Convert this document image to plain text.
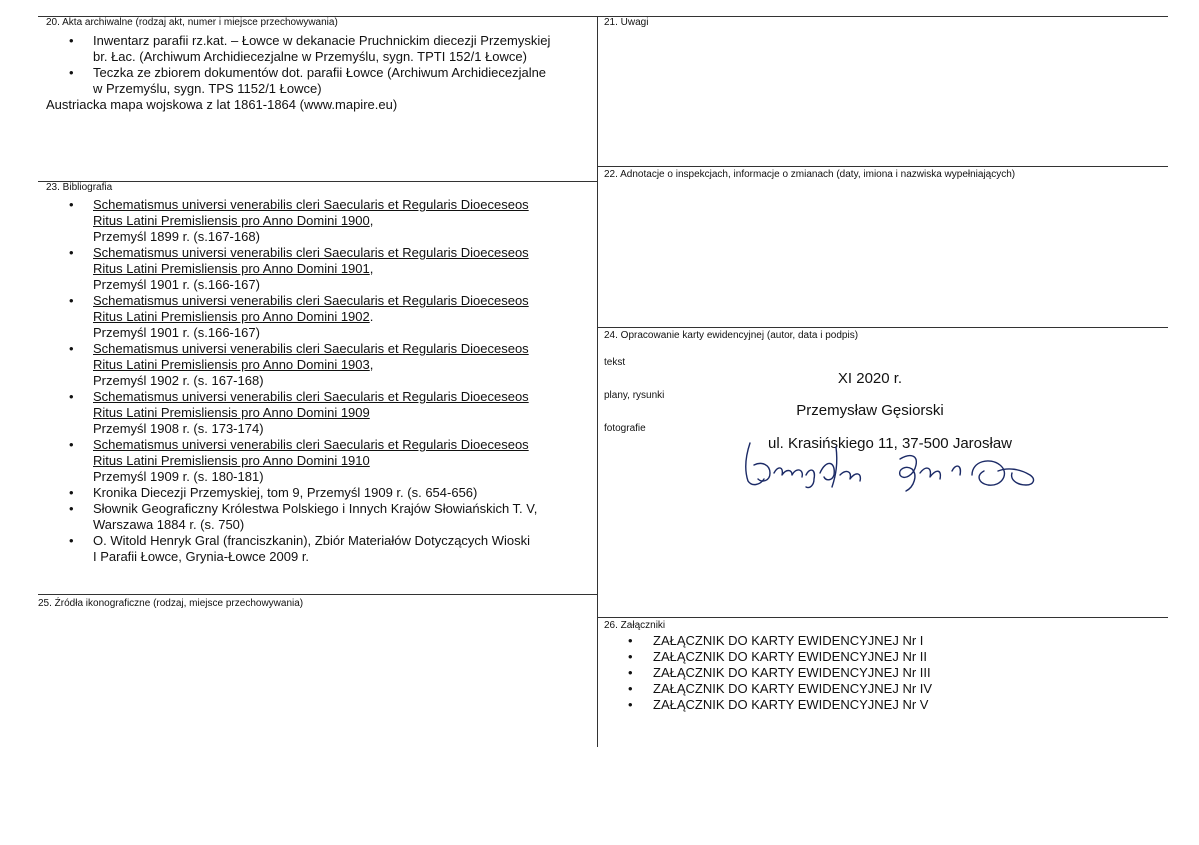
20. Akta archiwalne (rodzaj akt, numer i miejsce przechowywania)
• Inwentarz parafii rz.kat. – Łowce w dekanacie Pruchnickim diecezji Przemyskiej
br. Łac. (Archiwum Archidiecezjalne w Przemyślu, sygn. TPTI 152/1 Łowce)
• Teczka ze zbiorem dokumentów dot. parafii Łowce (Archiwum Archidiecezjalne
w Przemyślu, sygn. TPS 1152/1 Łowce)
Austriacka mapa wojskowa z lat 1861-1864 (www.mapire.eu)
21. Uwagi
22. Adnotacje o inspekcjach, informacje o zmianach (daty, imiona i nazwiska wypełniających)
23. Bibliografia
• Schematismus universi venerabilis cleri Saecularis et Regularis Dioeceseos
Ritus Latini Premisliensis pro Anno Domini 1900,
Przemyśl 1899 r. (s.167-168)
• Schematismus universi venerabilis cleri Saecularis et Regularis Dioeceseos
Ritus Latini Premisliensis pro Anno Domini 1901,
Przemyśl 1901 r. (s.166-167)
• Schematismus universi venerabilis cleri Saecularis et Regularis Dioeceseos
Ritus Latini Premisliensis pro Anno Domini 1902.
Przemyśl 1901 r. (s.166-167)
• Schematismus universi venerabilis cleri Saecularis et Regularis Dioeceseos
Ritus Latini Premisliensis pro Anno Domini 1903,
Przemyśl 1902 r. (s. 167-168)
• Schematismus universi venerabilis cleri Saecularis et Regularis Dioeceseos
Ritus Latini Premisliensis pro Anno Domini 1909
Przemyśl 1908 r. (s. 173-174)
• Schematismus universi venerabilis cleri Saecularis et Regularis Dioeceseos
Ritus Latini Premisliensis pro Anno Domini 1910
Przemyśl 1909 r. (s. 180-181)
• Kronika Diecezji Przemyskiej, tom 9, Przemyśl 1909 r. (s. 654-656)
• Słownik Geograficzny Królestwa Polskiego i Innych Krajów Słowiańskich T. V,
Warszawa 1884 r. (s. 750)
• O. Witold Henryk Gral (franciszkanin), Zbiór Materiałów Dotyczących Wioski
I Parafii Łowce, Grynia-Łowce 2009 r.
24. Opracowanie karty ewidencyjnej (autor, data i podpis)
tekst
plany, rysunki
fotografie
XI 2020 r.
Przemysław Gęsiorski
ul. Krasińskiego 11, 37-500 Jarosław
25. Źródła ikonograficzne (rodzaj, miejsce przechowywania)
26. Załączniki
• ZAŁĄCZNIK DO KARTY EWIDENCYJNEJ Nr I
• ZAŁĄCZNIK DO KARTY EWIDENCYJNEJ Nr II
• ZAŁĄCZNIK DO KARTY EWIDENCYJNEJ Nr III
• ZAŁĄCZNIK DO KARTY EWIDENCYJNEJ Nr IV
• ZAŁĄCZNIK DO KARTY EWIDENCYJNEJ Nr V
